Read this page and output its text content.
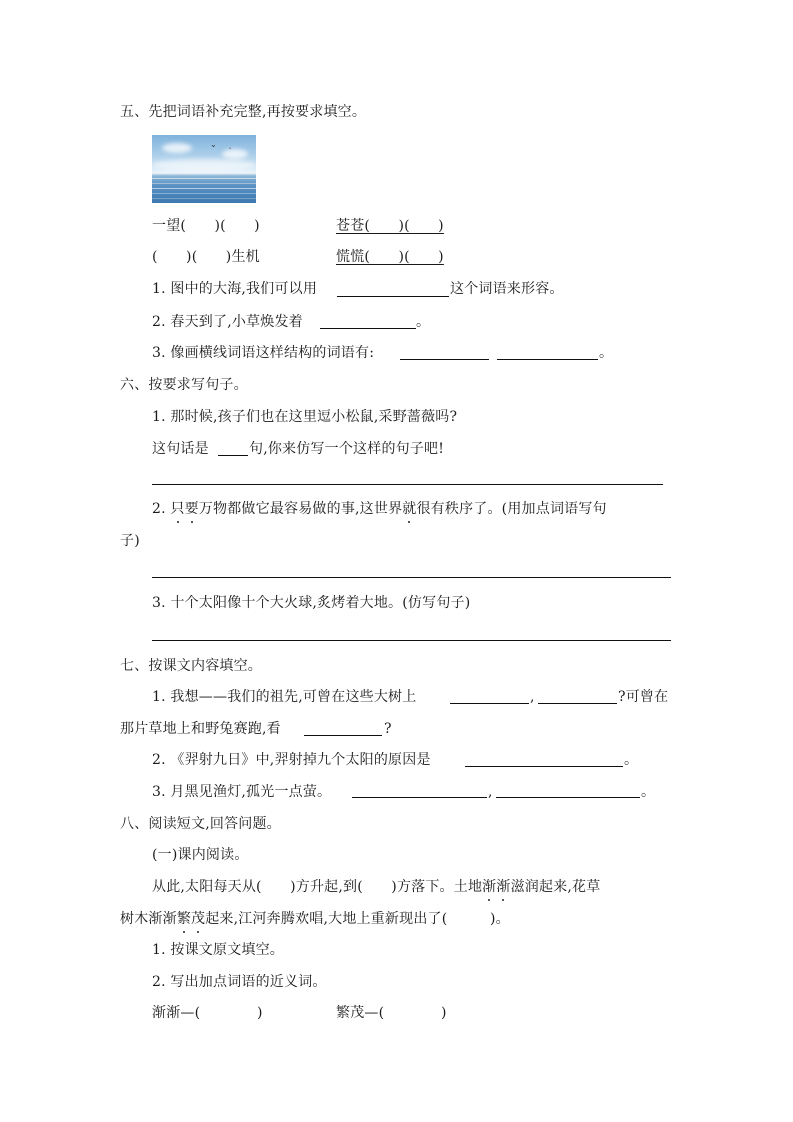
五、先把词语补充完整,再按要求填空。
⌄
ˇ
一望(　　)(　　)	苍苍(　　)(　　)
(　　)(　　)生机	慌慌(　　)(　　)
1. 图中的大海,我们可以用	这个词语来形容。
2. 春天到了,小草焕发着	。
3. 像画横线词语这样结构的词语有:	。
六、按要求写句子。
1. 那时候,孩子们也在这里逗小松鼠,采野蔷薇吗?
这句话是	句,你来仿写一个这样的句子吧!
2. 只要万物都做它最容易做的事,这世界就很有秩序了。(用加点词语写句
子)
3. 十个太阳像十个大火球,炙烤着大地。(仿写句子)
七、按课文内容填空。
1. 我想——我们的祖先,可曾在这些大树上	,	?可曾在
那片草地上和野兔赛跑,看	?
2. 《羿射九日》中,羿射掉九个太阳的原因是	。
3. 月黑见渔灯,孤光一点萤。	,	。
八、阅读短文,回答问题。
(一)课内阅读。
从此,太阳每天从(　　)方升起,到(　　)方落下。土地渐渐滋润起来,花草
树木渐渐繁茂起来,江河奔腾欢唱,大地上重新现出了(　　　)。
1. 按课文原文填空。
2. 写出加点词语的近义词。
渐渐—(　　　　)	繁茂—(　　　　)
